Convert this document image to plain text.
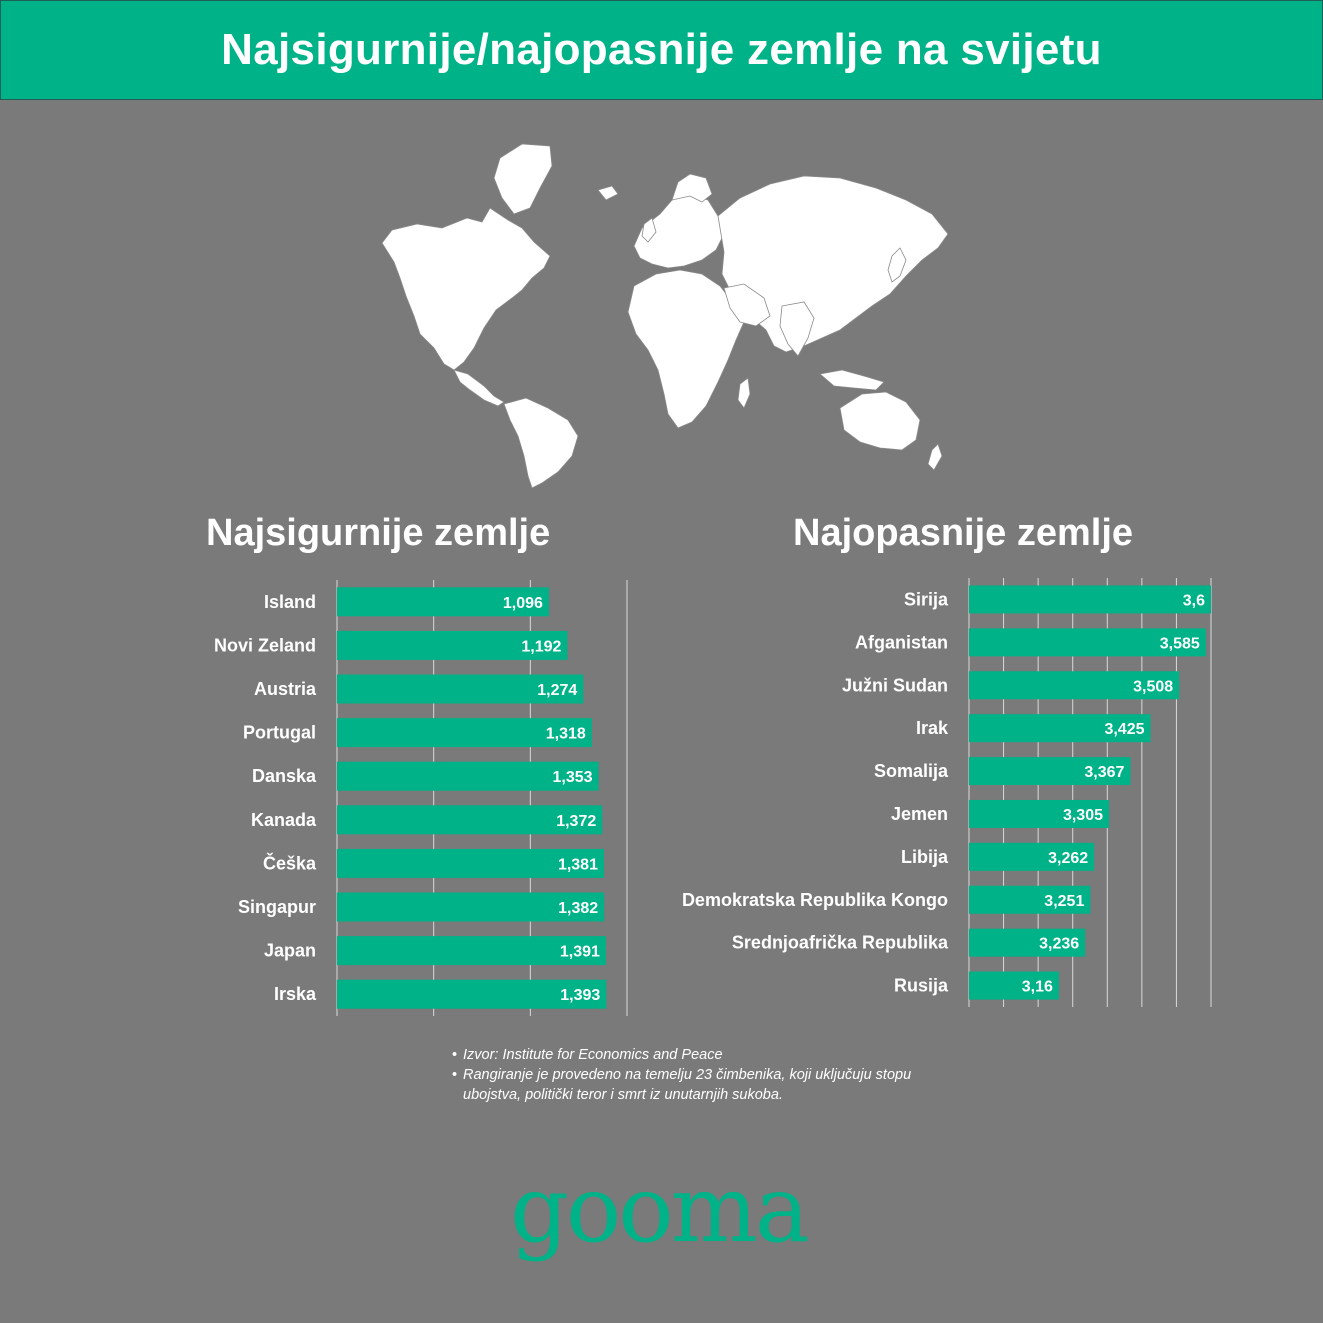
Najsigurnije/najopasnije zemlje na svijetu
Najsigurnije zemlje	Najopasnije zemlje
1,096
Island
1,192
Novi Zeland
1,274
Austria
1,318
Portugal
1,353
Danska
1,372
Kanada
1,381
Češka
1,382
Singapur
1,391
Japan
1,393
Irska
3,6
Sirija
3,585
Afganistan
3,508
Južni Sudan
3,425
Irak
3,367
Somalija
3,305
Jemen
3,262
Libija
3,251
Demokratska Republika Kongo
3,236
Srednjoafrička Republika
3,16
Rusija
• Izvor: Institute for Economics and Peace
• Rangiranje je provedeno na temelju 23 čimbenika, koji uključuju stopu ubojstva, politički teror i smrt iz unutarnjih sukoba.
gooma
